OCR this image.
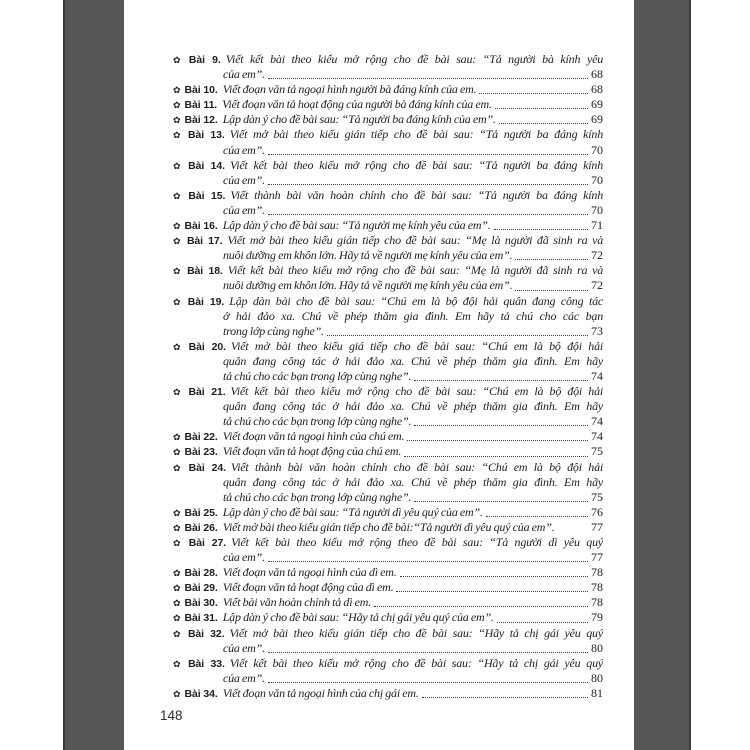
✿ Bài 9. Viết kết bài theo kiểu mở rộng cho đề bài sau: “Tả người bà kính yêu
của em”.	68
✿ Bài 10. Viết đoạn văn tả ngoại hình người bà đáng kính của em.	68
✿ Bài 11. Viết đoạn văn tả hoạt động của người bà đáng kính của em.	69
✿ Bài 12. Lập dàn ý cho đề bài sau: “Tả người ba đáng kính của em”.	69
✿ Bài 13. Viết mở bài theo kiểu gián tiếp cho đề bài sau: “Tả người ba đáng kính
của em”.	70
✿ Bài 14. Viết kết bài theo kiểu mở rộng cho đề bài sau: “Tả người ba đáng kính
của em”.	70
✿ Bài 15. Viết thành bài văn hoàn chỉnh cho đề bài sau: “Tả người ba đáng kính
của em”.	70
✿ Bài 16. Lập dàn ý cho đề bài sau: “Tả người mẹ kính yêu của em”.	71
✿ Bài 17. Viết mở bài theo kiểu gián tiếp cho đề bài sau: “Mẹ là người đã sinh ra và
nuôi dưỡng em khôn lớn. Hãy tả về người mẹ kính yêu của em”.	72
✿ Bài 18. Viết kết bài theo kiểu mở rộng cho đề bài sau: “Mẹ là người đã sinh ra và
nuôi dưỡng em khôn lớn. Hãy tả về người mẹ kính yêu của em”.	72
✿ Bài 19. Lập dàn bài cho đề bài sau: “Chú em là bộ đội hải quân đang công tác
ở hải đảo xa. Chú về phép thăm gia đình. Em hãy tả chú cho các bạn
trong lớp cùng nghe”.	73
✿ Bài 20. Viết mở bài theo kiểu giá tiếp cho đề bài sau: “Chú em là bộ đội hải
quân đang công tác ở hải đảo xa. Chú về phép thăm gia đình. Em hãy
tả chú cho các bạn trong lớp cùng nghe”.	74
✿ Bài 21. Viết kết bài theo kiểu mở rộng cho đề bài sau: “Chú em là bộ đội hải
quân đang công tác ở hải đảo xa. Chú về phép thăm gia đình. Em hãy
tả chú cho các bạn trong lớp cùng nghe”.	74
✿ Bài 22. Viết đoạn văn tả ngoại hình của chú em.	74
✿ Bài 23. Viết đoạn văn tả hoạt động của chú em.	75
✿ Bài 24. Viết thành bài văn hoàn chỉnh cho đề bài sau: “Chú em là bộ đội hải
quân đang công tác ở hải đảo xa. Chú về phép thăm gia đình. Em hãy
tả chú cho các bạn trong lớp cùng nghe”.	75
✿ Bài 25. Lập dàn ý cho đề bài sau: “Tả người dì yêu quý của em”.	76
✿ Bài 26. Viết mở bài theo kiểu gián tiếp cho đề bài:“Tả người dì yêu quý của em”.	77
✿ Bài 27. Viết kết bài theo kiểu mở rộng theo đề bài sau: “Tả người dì yêu quý
của em”.	77
✿ Bài 28. Viết đoạn văn tả ngoại hình của dì em.	78
✿ Bài 29. Viết đoạn văn tả hoạt động của dì em.	78
✿ Bài 30. Viết bài văn hoàn chỉnh tả dì em.	78
✿ Bài 31. Lập dàn ý cho đề bài sau: “Hãy tả chị gái yêu quý của em”.	79
✿ Bài 32. Viết mở bài theo kiểu gián tiếp cho đề bài sau: “Hãy tả chị gái yêu quý
của em”.	80
✿ Bài 33. Viết kết bài theo kiểu mở rộng cho đề bài sau: “Hãy tả chị gái yêu quý
của em”.	80
✿ Bài 34. Viết đoạn văn tả ngoại hình của chị gái em.	81
148
